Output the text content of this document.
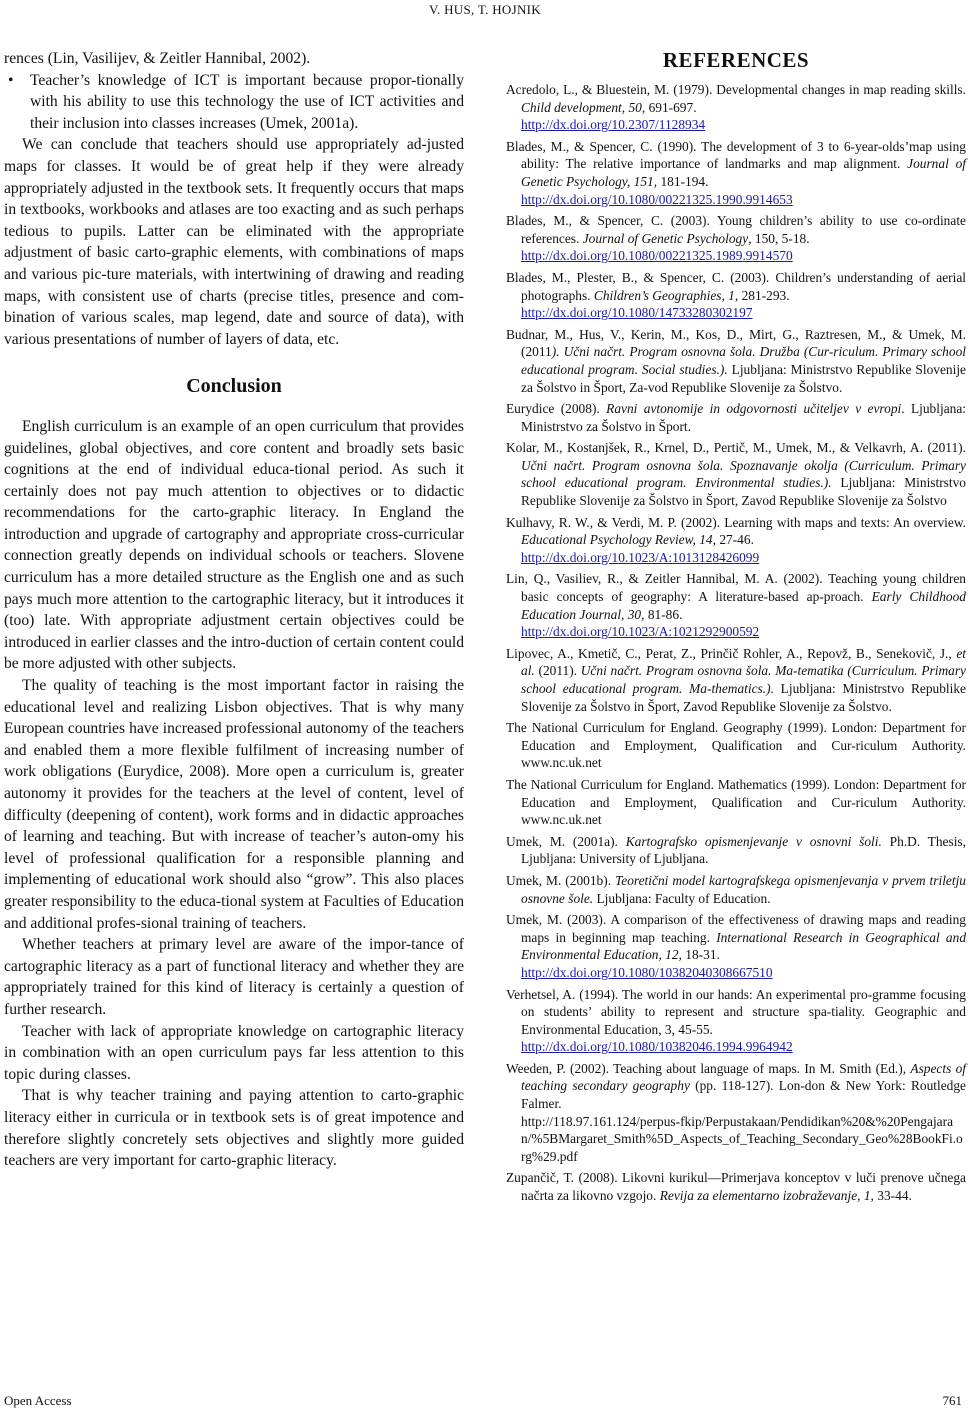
V. HUS, T. HOJNIK

rences (Lin, Vasilijev, & Zeitler Hannibal, 2002).

• Teacher’s knowledge of ICT is important because propor-tionally with his ability to use this technology the use of ICT activities and their inclusion into classes increases (Umek, 2001a).

We can conclude that teachers should use appropriately ad-justed maps for classes. It would be of great help if they were already appropriately adjusted in the textbook sets. It frequently occurs that maps in textbooks, workbooks and atlases are too exacting and as such perhaps tedious to pupils. Latter can be eliminated with the appropriate adjustment of basic carto-graphic elements, with combinations of maps and various pic-ture materials, with intertwining of drawing and reading maps, with consistent use of charts (precise titles, presence and com-bination of various scales, map legend, date and source of data), with various presentations of number of layers of data, etc.

Conclusion

English curriculum is an example of an open curriculum that provides guidelines, global objectives, and core content and broadly sets basic cognitions at the end of individual educa-tional period. As such it certainly does not pay much attention to objectives or to didactic recommendations for the carto-graphic literacy. In England the introduction and upgrade of cartography and appropriate cross-curricular connection greatly depends on individual schools or teachers. Slovene curriculum has a more detailed structure as the English one and as such pays much more attention to the cartographic literacy, but it introduces it (too) late. With appropriate adjustment certain objectives could be introduced in earlier classes and the intro-duction of certain content could be more adjusted with other subjects.

The quality of teaching is the most important factor in raising the educational level and realizing Lisbon objectives. That is why many European countries have increased professional autonomy of the teachers and enabled them a more flexible fulfilment of increasing number of work obligations (Eurydice, 2008). More open a curriculum is, greater autonomy it provides for the teachers at the level of content, level of difficulty (deepening of content), work forms and in didactic approaches of learning and teaching. But with increase of teacher’s auton-omy his level of professional qualification for a responsible planning and implementing of educational work should also “grow”. This also places greater responsibility to the educa-tional system at Faculties of Education and additional profes-sional training of teachers.

Whether teachers at primary level are aware of the impor-tance of cartographic literacy as a part of functional literacy and whether they are appropriately trained for this kind of literacy is certainly a question of further research.

Teacher with lack of appropriate knowledge on cartographic literacy in combination with an open curriculum pays far less attention to this topic during classes.

That is why teacher training and paying attention to carto-graphic literacy either in curricula or in textbook sets is of great impotence and therefore slightly concretely sets objectives and slightly more guided teachers are very important for carto-graphic literacy.

REFERENCES
Acredolo, L., & Bluestein, M. (1979). Developmental changes in map reading skills. Child development, 50, 691-697.
http://dx.doi.org/10.2307/1128934
Blades, M., & Spencer, C. (1990). The development of 3 to 6-year-olds’map using ability: The relative importance of landmarks and map alignment. Journal of Genetic Psychology, 151, 181-194.
http://dx.doi.org/10.1080/00221325.1990.9914653
Blades, M., & Spencer, C. (2003). Young children’s ability to use co-ordinate references. Journal of Genetic Psychology, 150, 5-18.
http://dx.doi.org/10.1080/00221325.1989.9914570
Blades, M., Plester, B., & Spencer, C. (2003). Children’s understanding of aerial photographs. Children’s Geographies, 1, 281-293.
http://dx.doi.org/10.1080/14733280302197
Budnar, M., Hus, V., Kerin, M., Kos, D., Mirt, G., Raztresen, M., & Umek, M. (2011). Učni načrt. Program osnovna šola. Družba (Cur-riculum. Primary school educational program. Social studies.). Ljubljana: Ministrstvo Republike Slovenije za Šolstvo in Šport, Za-vod Republike Slovenije za Šolstvo.
Eurydice (2008). Ravni avtonomije in odgovornosti učiteljev v evropi. Ljubljana: Ministrstvo za Šolstvo in Šport.
Kolar, M., Kostanjšek, R., Krnel, D., Pertič, M., Umek, M., & Velkavrh, A. (2011). Učni načrt. Program osnovna šola. Spoznavanje okolja (Curriculum. Primary school educational program. Environmental studies.). Ljubljana: Ministrstvo Republike Slovenije za Šolstvo in Šport, Zavod Republike Slovenije za Šolstvo
Kulhavy, R. W., & Verdi, M. P. (2002). Learning with maps and texts: An overview. Educational Psychology Review, 14, 27-46.
http://dx.doi.org/10.1023/A:1013128426099
Lin, Q., Vasiliev, R., & Zeitler Hannibal, M. A. (2002). Teaching young children basic concepts of geography: A literature-based ap-proach. Early Childhood Education Journal, 30, 81-86.
http://dx.doi.org/10.1023/A:1021292900592
Lipovec, A., Kmetič, C., Perat, Z., Prinčič Rohler, A., Repovž, B., Senekovič, J., et al. (2011). Učni načrt. Program osnovna šola. Ma-tematika (Curriculum. Primary school educational program. Ma-thematics.). Ljubljana: Ministrstvo Republike Slovenije za Šolstvo in Šport, Zavod Republike Slovenije za Šolstvo.
The National Curriculum for England. Geography (1999). London: Department for Education and Employment, Qualification and Cur-riculum Authority. www.nc.uk.net
The National Curriculum for England. Mathematics (1999). London: Department for Education and Employment, Qualification and Cur-riculum Authority. www.nc.uk.net
Umek, M. (2001a). Kartografsko opismenjevanje v osnovni šoli. Ph.D. Thesis, Ljubljana: University of Ljubljana.
Umek, M. (2001b). Teoretični model kartografskega opismenjevanja v prvem triletju osnovne šole. Ljubljana: Faculty of Education.
Umek, M. (2003). A comparison of the effectiveness of drawing maps and reading maps in beginning map teaching. International Research in Geographical and Environmental Education, 12, 18-31.
http://dx.doi.org/10.1080/10382040308667510
Verhetsel, A. (1994). The world in our hands: An experimental pro-gramme focusing on students’ ability to represent and structure spa-tiality. Geographic and Environmental Education, 3, 45-55.
http://dx.doi.org/10.1080/10382046.1994.9964942
Weeden, P. (2002). Teaching about language of maps. In M. Smith (Ed.), Aspects of teaching secondary geography (pp. 118-127). Lon-don & New York: Routledge Falmer.
http://118.97.161.124/perpus-fkip/Perpustakaan/Pendidikan%20&%20Pengajaran/%5BMargaret_Smith%5D_Aspects_of_Teaching_Secondary_Geo%28BookFi.org%29.pdf
Zupančič, T. (2008). Likovni kurikul—Primerjava konceptov v luči prenove učnega načrta za likovno vzgojo. Revija za elementarno izobraževanje, 1, 33-44.
Open Access	761
